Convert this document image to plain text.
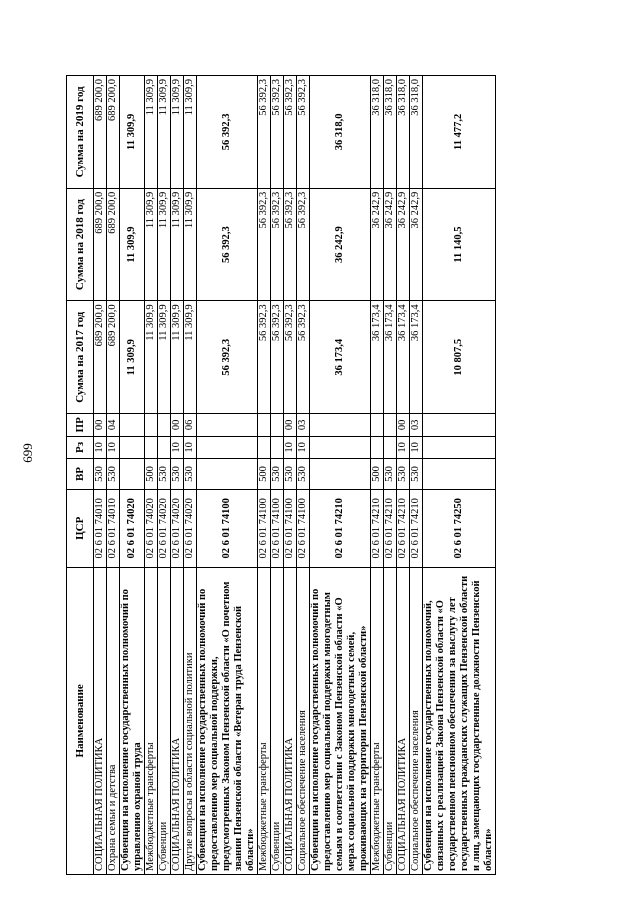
699
Наименование	ЦСР	ВР	Рз	ПР	Сумма на 2017 год	Сумма на 2018 год	Сумма на 2019 год
СОЦИАЛЬНАЯ ПОЛИТИКА	02 6 01 74010	530	10	00	689 200,0	689 200,0	689 200,0
Охрана семьи и детства	02 6 01 74010	530	10	04	689 200,0	689 200,0	689 200,0
Субвенция на исполнение государственных полномочий по управлению охраной труда	02 6 01 74020				11 309,9	11 309,9	11 309,9
Межбюджетные трансферты	02 6 01 74020	500			11 309,9	11 309,9	11 309,9
Субвенции	02 6 01 74020	530			11 309,9	11 309,9	11 309,9
СОЦИАЛЬНАЯ ПОЛИТИКА	02 6 01 74020	530	10	00	11 309,9	11 309,9	11 309,9
Другие вопросы в области социальной политики	02 6 01 74020	530	10	06	11 309,9	11 309,9	11 309,9
Субвенции на исполнение государственных полномочий по предоставлению мер социальной поддержки, предусмотренных Законом Пензенской области «О почетном звании Пензенской области «Ветеран труда Пензенской области»	02 6 01 74100				56 392,3	56 392,3	56 392,3
Межбюджетные трансферты	02 6 01 74100	500			56 392,3	56 392,3	56 392,3
Субвенции	02 6 01 74100	530			56 392,3	56 392,3	56 392,3
СОЦИАЛЬНАЯ ПОЛИТИКА	02 6 01 74100	530	10	00	56 392,3	56 392,3	56 392,3
Социальное обеспечение населения	02 6 01 74100	530	10	03	56 392,3	56 392,3	56 392,3
Субвенции на исполнение государственных полномочий по предоставлению мер социальной поддержки многодетным семьям в соответствии с Законом Пензенской области «О мерах социальной поддержки многодетных семей, проживающих на территории Пензенской области»	02 6 01 74210				36 173,4	36 242,9	36 318,0
Межбюджетные трансферты	02 6 01 74210	500			36 173,4	36 242,9	36 318,0
Субвенции	02 6 01 74210	530			36 173,4	36 242,9	36 318,0
СОЦИАЛЬНАЯ ПОЛИТИКА	02 6 01 74210	530	10	00	36 173,4	36 242,9	36 318,0
Социальное обеспечение населения	02 6 01 74210	530	10	03	36 173,4	36 242,9	36 318,0
Субвенция на исполнение государственных полномочий, связанных с реализацией Закона Пензенской области «О государственном пенсионном обеспечении за выслугу лет государственных гражданских служащих Пензенской области и лиц, замещающих государственные должности Пензенской области»	02 6 01 74250				10 807,5	11 140,5	11 477,2
